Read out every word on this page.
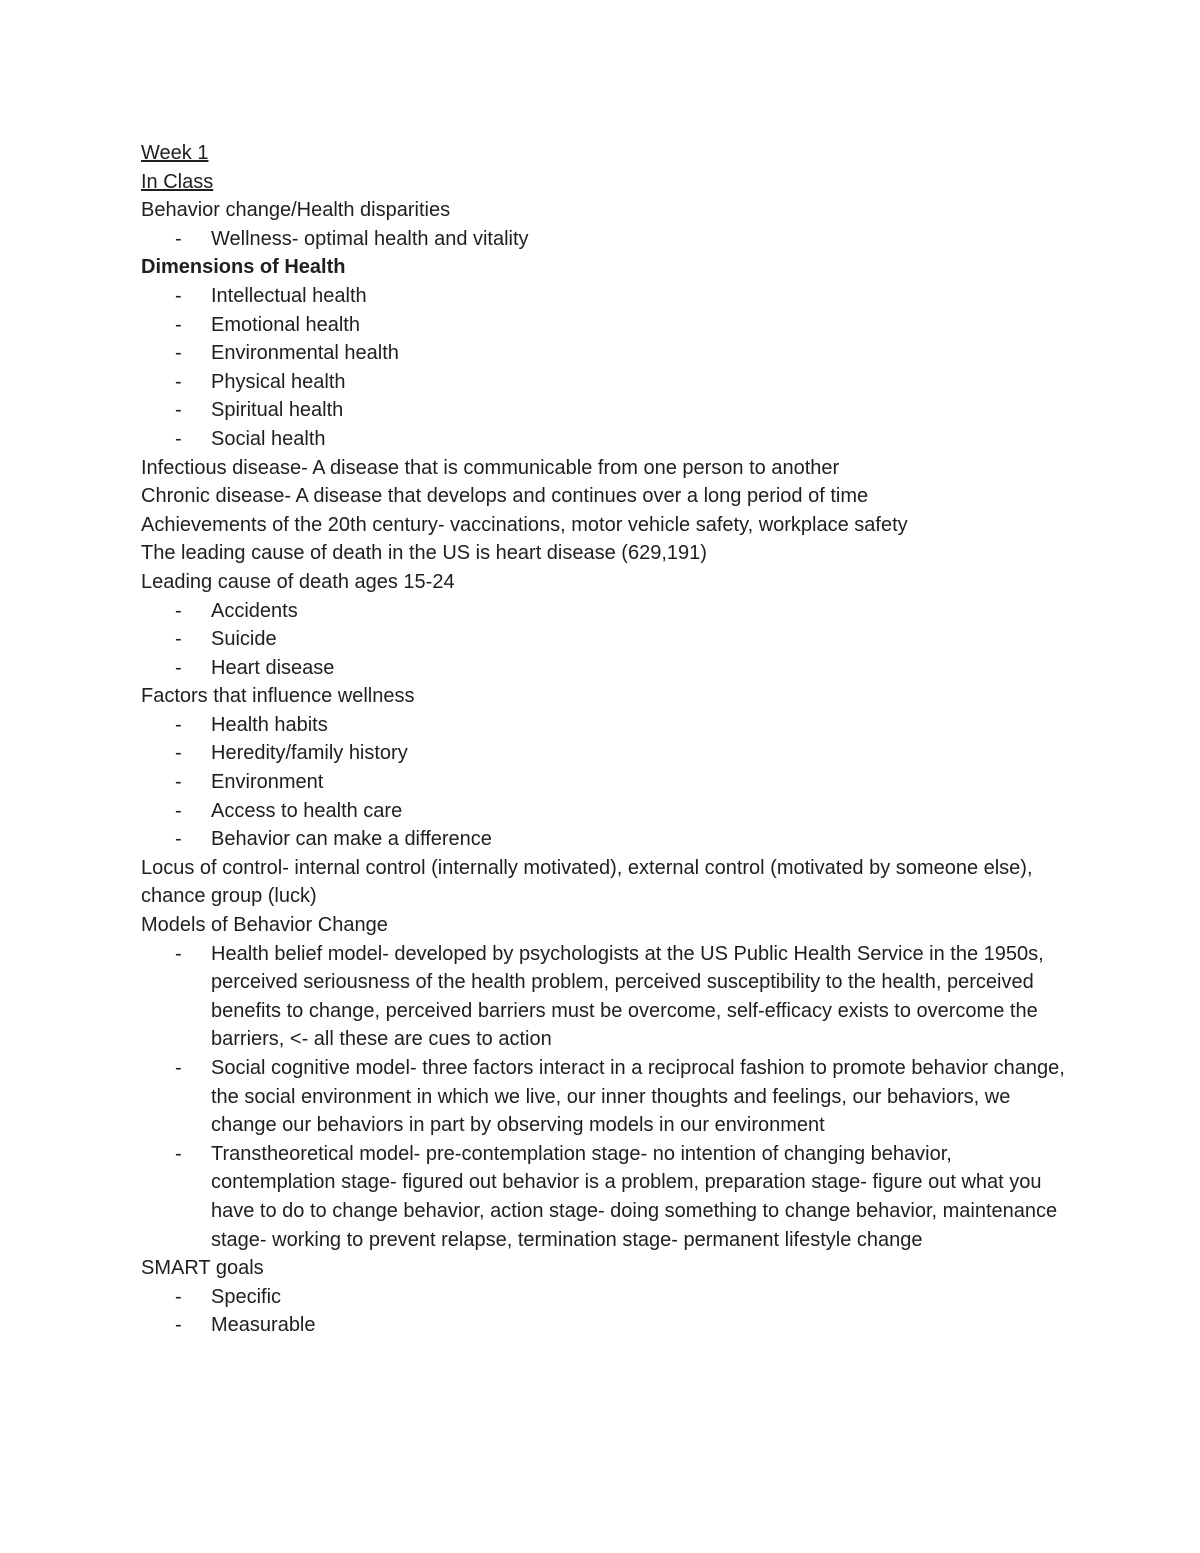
Week 1

In Class

Behavior change/Health disparities

- Wellness- optimal health and vitality

Dimensions of Health

- Intellectual health
- Emotional health
- Environmental health
- Physical health
- Spiritual health
- Social health

Infectious disease- A disease that is communicable from one person to another

Chronic disease- A disease that develops and continues over a long period of time

Achievements of the 20th century- vaccinations, motor vehicle safety, workplace safety

The leading cause of death in the US is heart disease (629,191)

Leading cause of death ages 15-24

- Accidents
- Suicide
- Heart disease

Factors that influence wellness

- Health habits
- Heredity/family history
- Environment
- Access to health care
- Behavior can make a difference

Locus of control- internal control (internally motivated), external control (motivated by someone else), chance group (luck)

Models of Behavior Change

- Health belief model- developed by psychologists at the US Public Health Service in the 1950s, perceived seriousness of the health problem, perceived susceptibility to the health, perceived benefits to change, perceived barriers must be overcome, self-efficacy exists to overcome the barriers, <- all these are cues to action
- Social cognitive model- three factors interact in a reciprocal fashion to promote behavior change, the social environment in which we live, our inner thoughts and feelings, our behaviors, we change our behaviors in part by observing models in our environment
- Transtheoretical model- pre-contemplation stage- no intention of changing behavior, contemplation stage- figured out behavior is a problem, preparation stage- figure out what you have to do to change behavior, action stage- doing something to change behavior, maintenance stage- working to prevent relapse, termination stage- permanent lifestyle change

SMART goals

- Specific
- Measurable
